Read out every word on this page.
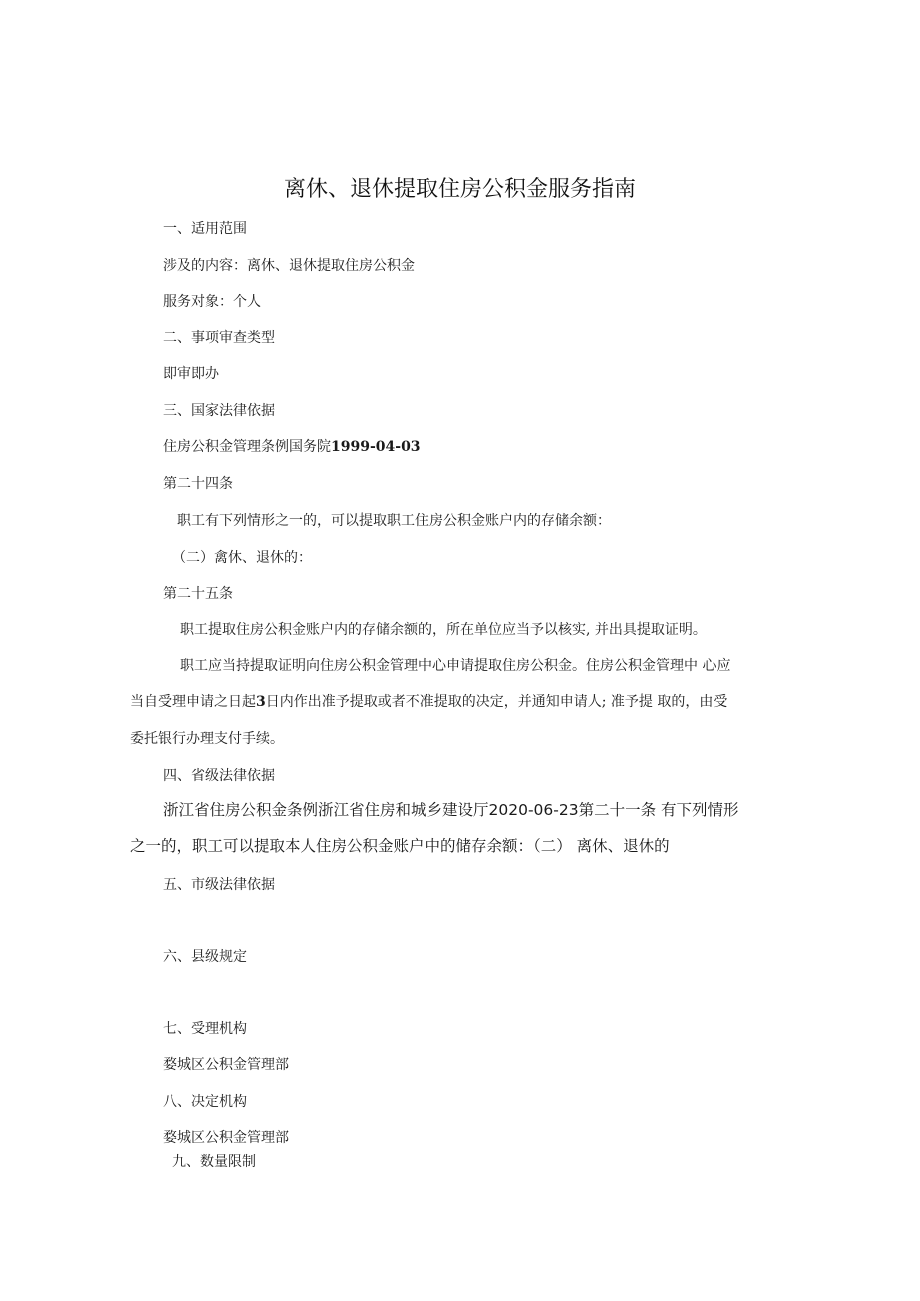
离休、退休提取住房公积金服务指南
一、适用范围
涉及的内容：离休、退休提取住房公积金
服务对象：个人
二、事项审查类型
即审即办
三、国家法律依据
住房公积金管理条例国务院1999-04-03
第二十四条
职工有下列情形之一的，可以提取职工住房公积金账户内的存储余额：
（二）禽休、退休的：
第二十五条
职工提取住房公积金账户内的存储余额的，所在单位应当予以核实, 并出具提取证明。
职工应当持提取证明向住房公积金管理中心申请提取住房公积金。住房公积金管理中 心应
当自受理申请之日起3日内作出准予提取或者不准提取的决定，并通知申请人; 准予提 取的，由受
委托银行办理支付手续。
四、省级法律依据
浙江省住房公积金条例浙江省住房和城乡建设厅2020-06-23第二十一条 有下列情形
之一的，职工可以提取本人住房公积金账户中的储存余额：（二） 离休、退休的
五、市级法律依据
六、县级规定
七、受理机构
婺城区公积金管理部
八、决定机构
婺城区公积金管理部
九、数量限制
